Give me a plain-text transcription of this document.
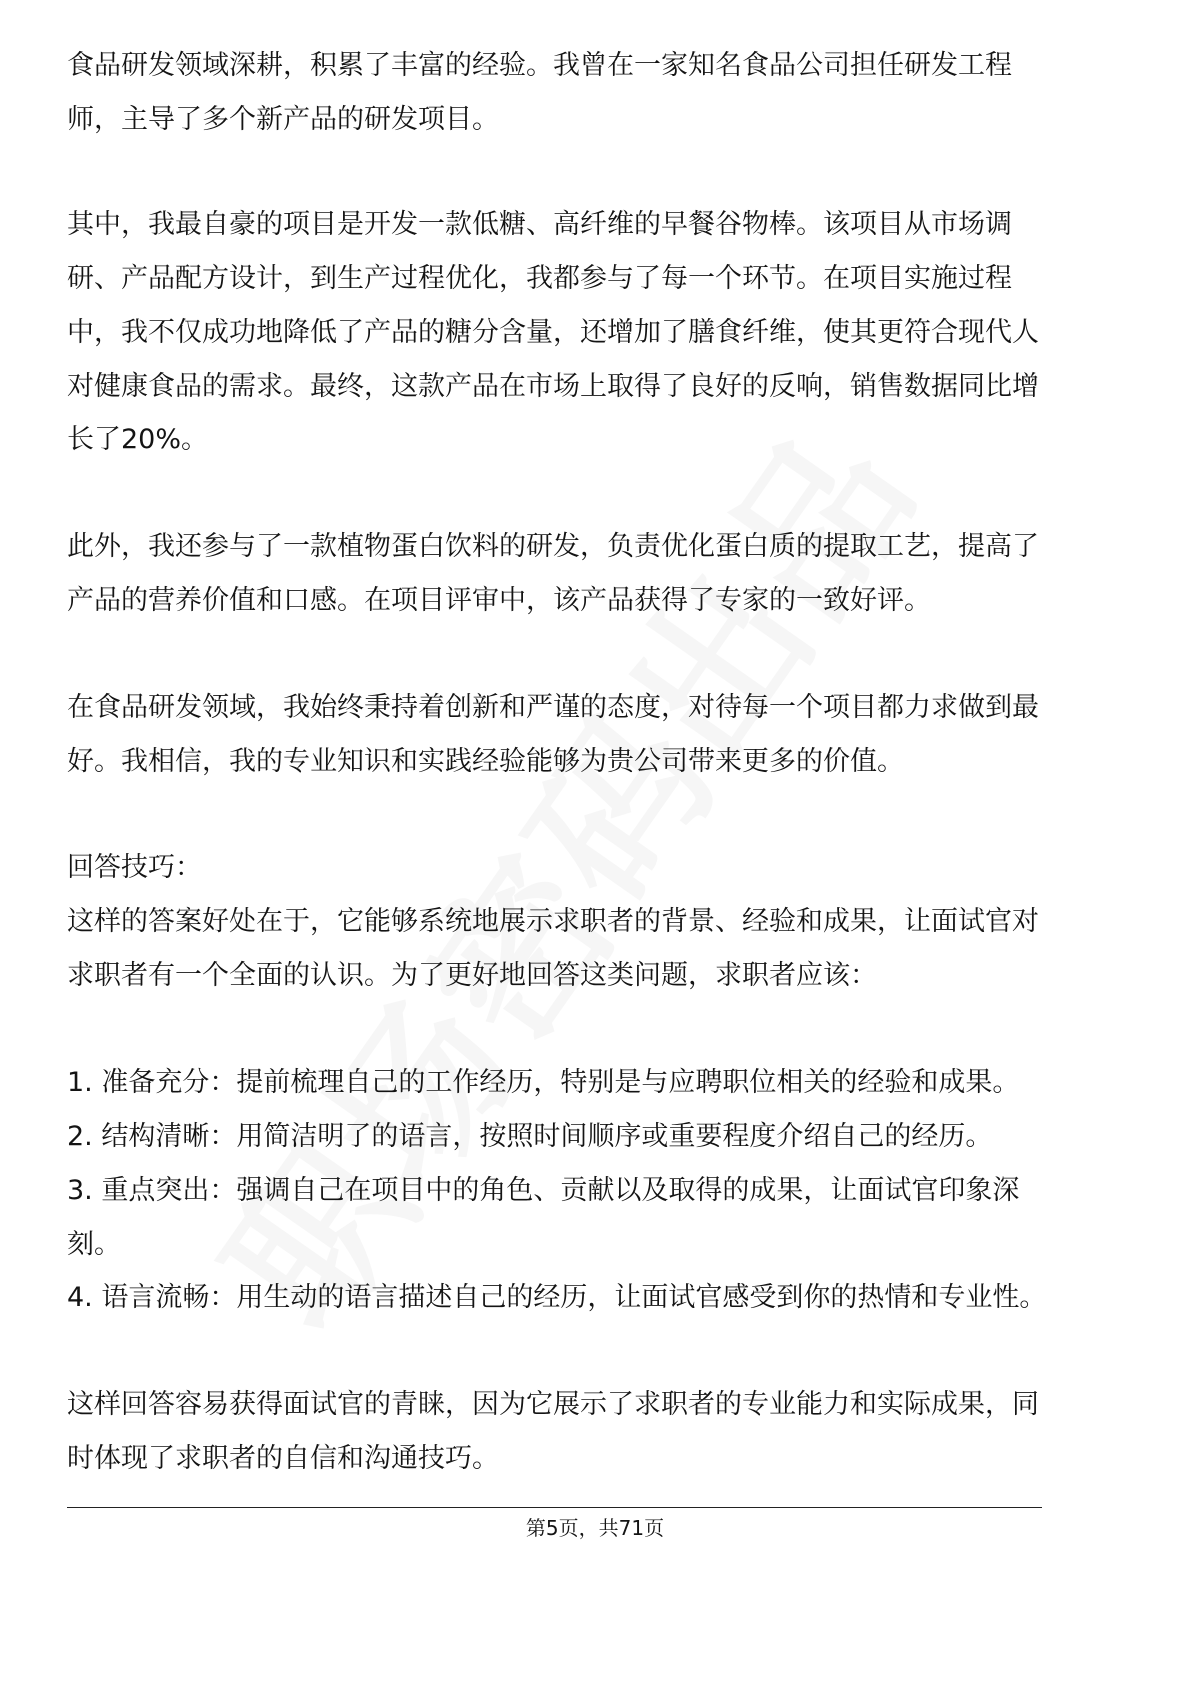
食品研发领域深耕，积累了丰富的经验。我曾在一家知名食品公司担任研发工程
师，主导了多个新产品的研发项目。
其中，我最自豪的项目是开发一款低糖、高纤维的早餐谷物棒。该项目从市场调
研、产品配方设计，到生产过程优化，我都参与了每一个环节。在项目实施过程
中，我不仅成功地降低了产品的糖分含量，还增加了膳食纤维，使其更符合现代人
对健康食品的需求。最终，这款产品在市场上取得了良好的反响，销售数据同比增
长了20%。
此外，我还参与了一款植物蛋白饮料的研发，负责优化蛋白质的提取工艺，提高了
产品的营养价值和口感。在项目评审中，该产品获得了专家的一致好评。
在食品研发领域，我始终秉持着创新和严谨的态度，对待每一个项目都力求做到最
好。我相信，我的专业知识和实践经验能够为贵公司带来更多的价值。
回答技巧：
这样的答案好处在于，它能够系统地展示求职者的背景、经验和成果，让面试官对
求职者有一个全面的认识。为了更好地回答这类问题，求职者应该：
1. 准备充分：提前梳理自己的工作经历，特别是与应聘职位相关的经验和成果。
2. 结构清晰：用简洁明了的语言，按照时间顺序或重要程度介绍自己的经历。
3. 重点突出：强调自己在项目中的角色、贡献以及取得的成果，让面试官印象深
刻。
4. 语言流畅：用生动的语言描述自己的经历，让面试官感受到你的热情和专业性。
这样回答容易获得面试官的青睐，因为它展示了求职者的专业能力和实际成果，同
时体现了求职者的自信和沟通技巧。
第5页，共71页
